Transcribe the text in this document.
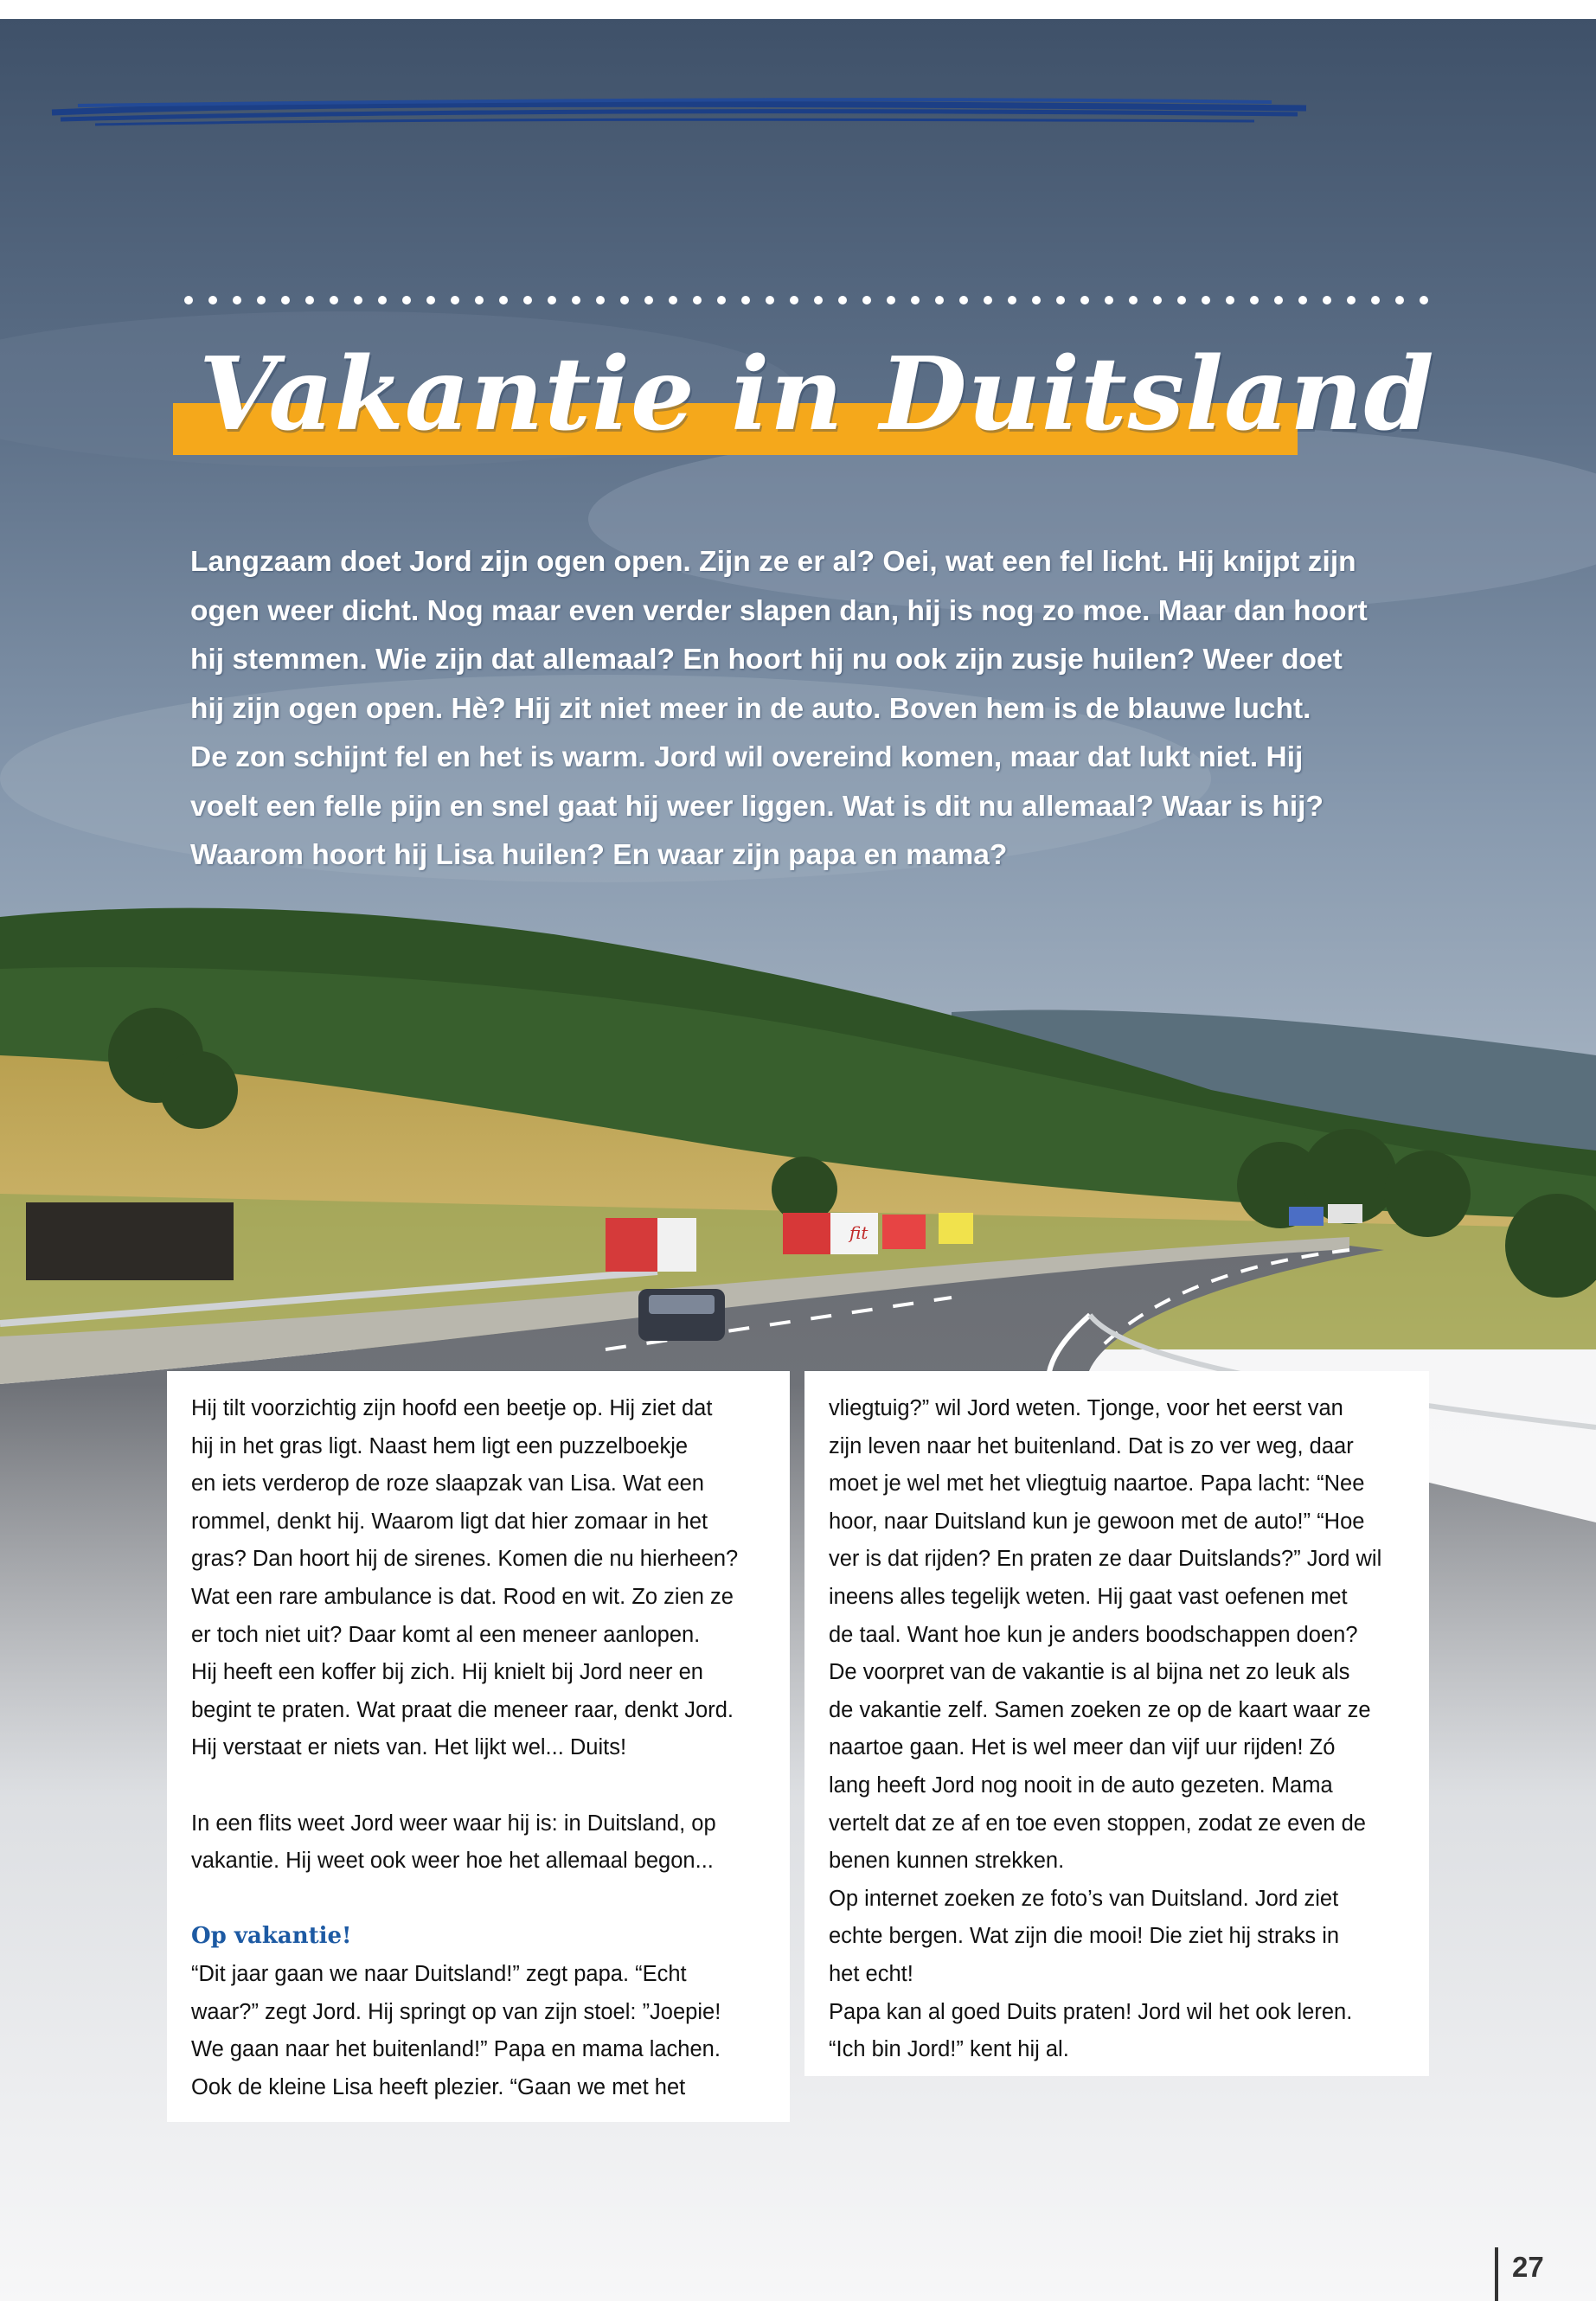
fit
Vakantie in Duitsland
Langzaam doet Jord zijn ogen open. Zijn ze er al? Oei, wat een fel licht. Hij knijpt zijn
ogen weer dicht. Nog maar even verder slapen dan, hij is nog zo moe. Maar dan hoort
hij stemmen. Wie zijn dat allemaal? En hoort hij nu ook zijn zusje huilen? Weer doet
hij zijn ogen open. Hè? Hij zit niet meer in de auto. Boven hem is de blauwe lucht.
De zon schijnt fel en het is warm. Jord wil overeind komen, maar dat lukt niet. Hij
voelt een felle pijn en snel gaat hij weer liggen. Wat is dit nu allemaal? Waar is hij?
Waarom hoort hij Lisa huilen? En waar zijn papa en mama?
Hij tilt voorzichtig zijn hoofd een beetje op. Hij ziet dat
hij in het gras ligt. Naast hem ligt een puzzelboekje
en iets verderop de roze slaapzak van Lisa. Wat een
rommel, denkt hij. Waarom ligt dat hier zomaar in het
gras? Dan hoort hij de sirenes. Komen die nu hierheen?
Wat een rare ambulance is dat. Rood en wit. Zo zien ze
er toch niet uit? Daar komt al een meneer aanlopen.
Hij heeft een koffer bij zich. Hij knielt bij Jord neer en
begint te praten. Wat praat die meneer raar, denkt Jord.
Hij verstaat er niets van. Het lijkt wel... Duits!
In een flits weet Jord weer waar hij is: in Duitsland, op
vakantie. Hij weet ook weer hoe het allemaal begon...
Op vakantie!
“Dit jaar gaan we naar Duitsland!” zegt papa. “Echt
waar?” zegt Jord. Hij springt op van zijn stoel: ”Joepie!
We gaan naar het buitenland!” Papa en mama lachen.
Ook de kleine Lisa heeft plezier. “Gaan we met het
vliegtuig?” wil Jord weten. Tjonge, voor het eerst van
zijn leven naar het buitenland. Dat is zo ver weg, daar
moet je wel met het vliegtuig naartoe. Papa lacht: “Nee
hoor, naar Duitsland kun je gewoon met de auto!” “Hoe
ver is dat rijden? En praten ze daar Duitslands?” Jord wil
ineens alles tegelijk weten. Hij gaat vast oefenen met
de taal. Want hoe kun je anders boodschappen doen?
De voorpret van de vakantie is al bijna net zo leuk als
de vakantie zelf. Samen zoeken ze op de kaart waar ze
naartoe gaan. Het is wel meer dan vijf uur rijden! Zó
lang heeft Jord nog nooit in de auto gezeten. Mama
vertelt dat ze af en toe even stoppen, zodat ze even de
benen kunnen strekken.
Op internet zoeken ze foto’s van Duitsland. Jord ziet
echte bergen. Wat zijn die mooi! Die ziet hij straks in
het echt!
Papa kan al goed Duits praten! Jord wil het ook leren.
“Ich bin Jord!” kent hij al.
27
